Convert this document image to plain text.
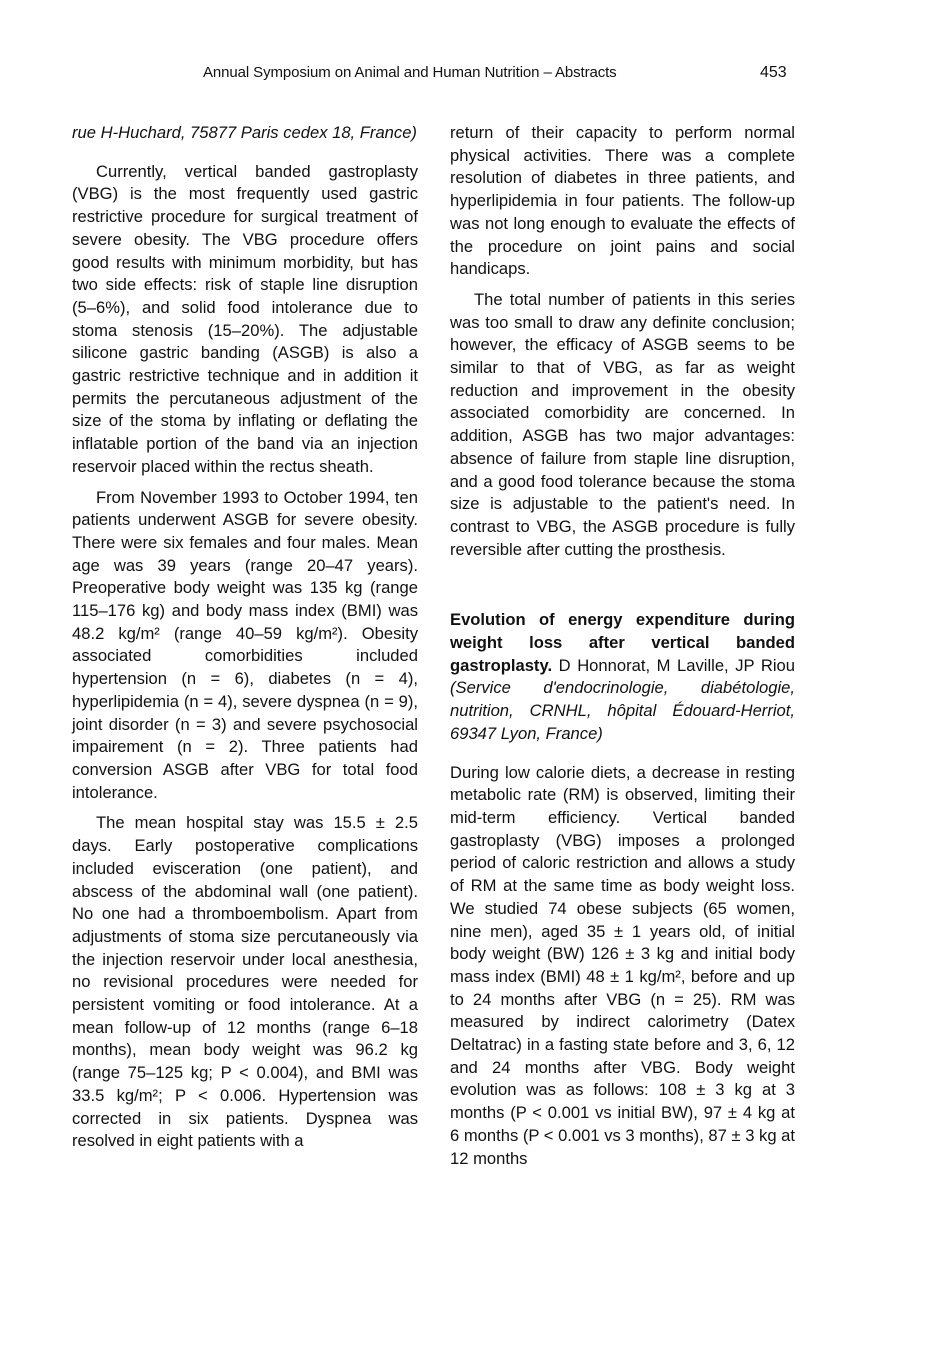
Annual Symposium on Animal and Human Nutrition – Abstracts	453

rue H-Huchard, 75877 Paris cedex 18, France)

Currently, vertical banded gastroplasty (VBG) is the most frequently used gastric restrictive procedure for surgical treatment of severe obesity. The VBG procedure offers good results with minimum morbidity, but has two side effects: risk of staple line disruption (5–6%), and solid food intolerance due to stoma stenosis (15–20%). The adjustable silicone gastric banding (ASGB) is also a gastric restrictive technique and in addition it permits the percutaneous adjustment of the size of the stoma by inflating or deflating the inflatable portion of the band via an injection reservoir placed within the rectus sheath.

From November 1993 to October 1994, ten patients underwent ASGB for severe obesity. There were six females and four males. Mean age was 39 years (range 20–47 years). Preoperative body weight was 135 kg (range 115–176 kg) and body mass index (BMI) was 48.2 kg/m² (range 40–59 kg/m²). Obesity associated comorbidities included hypertension (n = 6), diabetes (n = 4), hyperlipidemia (n = 4), severe dyspnea (n = 9), joint disorder (n = 3) and severe psychosocial impairement (n = 2). Three patients had conversion ASGB after VBG for total food intolerance.

The mean hospital stay was 15.5 ± 2.5 days. Early postoperative complications included evisceration (one patient), and abscess of the abdominal wall (one patient). No one had a thromboembolism. Apart from adjustments of stoma size percutaneously via the injection reservoir under local anesthesia, no revisional procedures were needed for persistent vomiting or food intolerance. At a mean follow-up of 12 months (range 6–18 months), mean body weight was 96.2 kg (range 75–125 kg; P < 0.004), and BMI was 33.5 kg/m²; P < 0.006. Hypertension was corrected in six patients. Dyspnea was resolved in eight patients with a

return of their capacity to perform normal physical activities. There was a complete resolution of diabetes in three patients, and hyperlipidemia in four patients. The follow-up was not long enough to evaluate the effects of the procedure on joint pains and social handicaps.

The total number of patients in this series was too small to draw any definite conclusion; however, the efficacy of ASGB seems to be similar to that of VBG, as far as weight reduction and improvement in the obesity associated comorbidity are concerned. In addition, ASGB has two major advantages: absence of failure from staple line disruption, and a good food tolerance because the stoma size is adjustable to the patient's need. In contrast to VBG, the ASGB procedure is fully reversible after cutting the prosthesis.

Evolution of energy expenditure during weight loss after vertical banded gastroplasty. D Honnorat, M Laville, JP Riou (Service d'endocrinologie, diabétologie, nutrition, CRNHL, hôpital Édouard-Herriot, 69347 Lyon, France)

During low calorie diets, a decrease in resting metabolic rate (RM) is observed, limiting their mid-term efficiency. Vertical banded gastroplasty (VBG) imposes a prolonged period of caloric restriction and allows a study of RM at the same time as body weight loss. We studied 74 obese subjects (65 women, nine men), aged 35 ± 1 years old, of initial body weight (BW) 126 ± 3 kg and initial body mass index (BMI) 48 ± 1 kg/m², before and up to 24 months after VBG (n = 25). RM was measured by indirect calorimetry (Datex Deltatrac) in a fasting state before and 3, 6, 12 and 24 months after VBG. Body weight evolution was as follows: 108 ± 3 kg at 3 months (P < 0.001 vs initial BW), 97 ± 4 kg at 6 months (P < 0.001 vs 3 months), 87 ± 3 kg at 12 months
